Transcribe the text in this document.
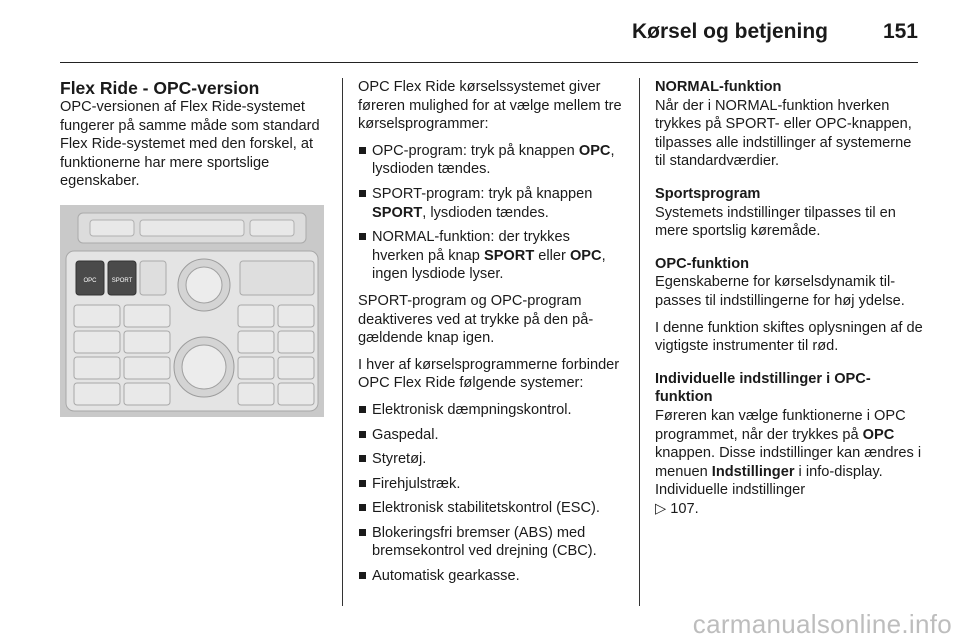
Kørsel og betjening	151
Flex Ride - OPC-version

OPC-versionen af Flex Ride-systemet fungerer på samme måde som standard Flex Ride-systemet med den forskel, at funktionerne har mere sportslige egenskaber.

OPC	SPORT

OPC Flex Ride kørselssystemet giver føreren mulighed for at vælge mellem tre kørselsprogrammer:

OPC-program: tryk på knappen OPC, lysdioden tændes.
SPORT-program: tryk på knappen SPORT, lysdioden tændes.
NORMAL-funktion: der trykkes hverken på knap SPORT eller OPC, ingen lysdiode lyser.

SPORT-program og OPC-program deaktiveres ved at trykke på den pågældende knap igen.

I hver af kørselsprogrammerne forbinder OPC Flex Ride følgende systemer:

Elektronisk dæmpningskontrol.
Gaspedal.
Styretøj.
Firehjulstræk.
Elektronisk stabilitetskontrol (ESC).
Blokeringsfri bremser (ABS) med bremsekontrol ved drejning (CBC).
Automatisk gearkasse.

NORMAL-funktion

Når der i NORMAL-funktion hverken trykkes på SPORT- eller OPC-knappen, tilpasses alle indstillinger af systemerne til standardværdier.

Sportsprogram

Systemets indstillinger tilpasses til en mere sportslig køremåde.

OPC-funktion

Egenskaberne for kørselsdynamik tilpasses til indstillingerne for høj ydelse.

I denne funktion skiftes oplysningen af de vigtigste instrumenter til rød.

Individuelle indstillinger i OPC-funktion

Føreren kan vælge funktionerne i OPC programmet, når der trykkes på OPC knappen. Disse indstillinger kan ændres i menuen Indstillinger i info-display. Individuelle indstillinger
▷ 107.

carmanualsonline.info
